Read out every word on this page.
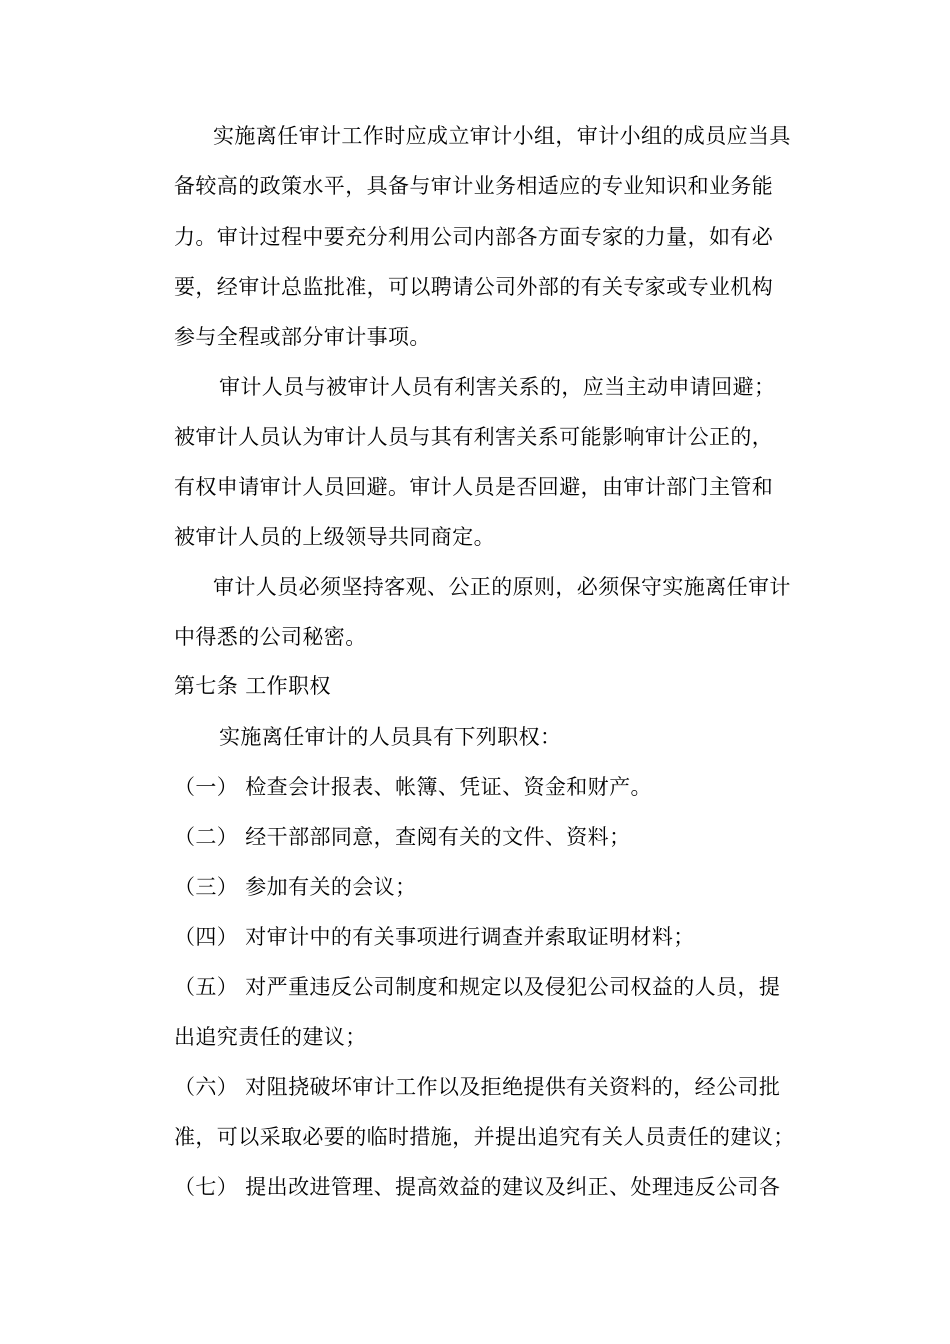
实施离任审计工作时应成立审计小组，审计小组的成员应当具
备较高的政策水平，具备与审计业务相适应的专业知识和业务能
力。审计过程中要充分利用公司内部各方面专家的力量，如有必
要，经审计总监批准，可以聘请公司外部的有关专家或专业机构
参与全程或部分审计事项。
审计人员与被审计人员有利害关系的，应当主动申请回避；
被审计人员认为审计人员与其有利害关系可能影响审计公正的，
有权申请审计人员回避。审计人员是否回避，由审计部门主管和
被审计人员的上级领导共同商定。
审计人员必须坚持客观、公正的原则，必须保守实施离任审计
中得悉的公司秘密。
第七条 工作职权
实施离任审计的人员具有下列职权：
（一） 检查会计报表、帐簿、凭证、资金和财产。
（二） 经干部部同意，查阅有关的文件、资料；
（三） 参加有关的会议；
（四） 对审计中的有关事项进行调查并索取证明材料；
（五） 对严重违反公司制度和规定以及侵犯公司权益的人员，提
出追究责任的建议；
（六） 对阻挠破坏审计工作以及拒绝提供有关资料的，经公司批
准，可以采取必要的临时措施，并提出追究有关人员责任的建议；
（七） 提出改进管理、提高效益的建议及纠正、处理违反公司各
